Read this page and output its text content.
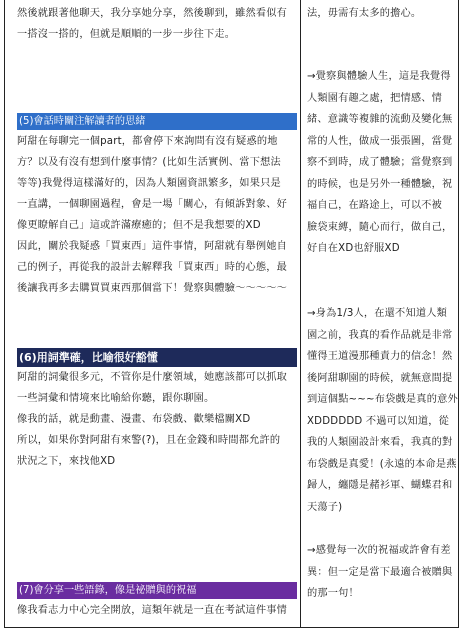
然後就跟著他聊天，我分享她分享，然後聊到，雖然看似有

一搭沒一搭的，但就是順順的一步一步往下走。

(5)會話時關注解讀者的思緒

阿甜在每聊完一個part，都會停下來詢問有沒有疑惑的地

方？以及有沒有想到什麼事情？(比如生活實例、當下想法

等等)我覺得這樣滿好的，因為人類園資訊繁多，如果只是

一直講，一個聊園過程，會是一場「關心，有傾訴對象、好

像更瞭解自己」這或許滿療癒的；但不是我想要的XD

因此，關於我疑惑「買東西」這件事情，阿甜就有舉例她自

己的例子，再從我的設計去解釋我「買東西」時的心態，最

後讓我再多去購買買東西那個當下！覺察與體驗～～～～～

(6)用詞準確，比喻很好豁懂

阿甜的詞彙很多元，不管你是什麼領域，她應該都可以抓取

一些詞彙和情境來比喻給你聽，跟你聊園。

像我的話，就是動畫、漫畫、布袋戲、歡樂檔關XD

所以，如果你對阿甜有來警(?)，且在金錢和時間都允許的

狀況之下，來找他XD

(7)會分享一些語錄，像是祕贈與的祝福

像我看志力中心完全開放，這類年就是一直在考試這件事情

法，毋需有太多的擔心。

→覺察與體驗人生，這是我覺得

人類園有趣之處，把情感、情

緒、意識等複雜的流動及變化無

常的人性，做成一張張圖，當覺

察不到時，成了體驗；當覺察到

的時候，也是另外一種體驗，祝

福自己，在路途上，可以不被

臉袋束縛，隨心而行，做自己，

好自在XD也舒服XD

→身為1/3人，在還不知道人類

園之前，我真的看作品就是非常

懂得王道漫那種責力的信念！然

後阿甜聊園的時候，就無意間提

到這個點~~~布袋戲是真的意外

XDDDDDD 不過可以知道，從

我的人類園設計來看，我真的對

布袋戲是真愛！(永遠的本命是燕

歸人，纏隱是赭衫軍、蝴蝶君和

天蕩子)

→感覺每一次的祝福或許會有差

異：但一定是當下最適合被贈與

的那一句！
